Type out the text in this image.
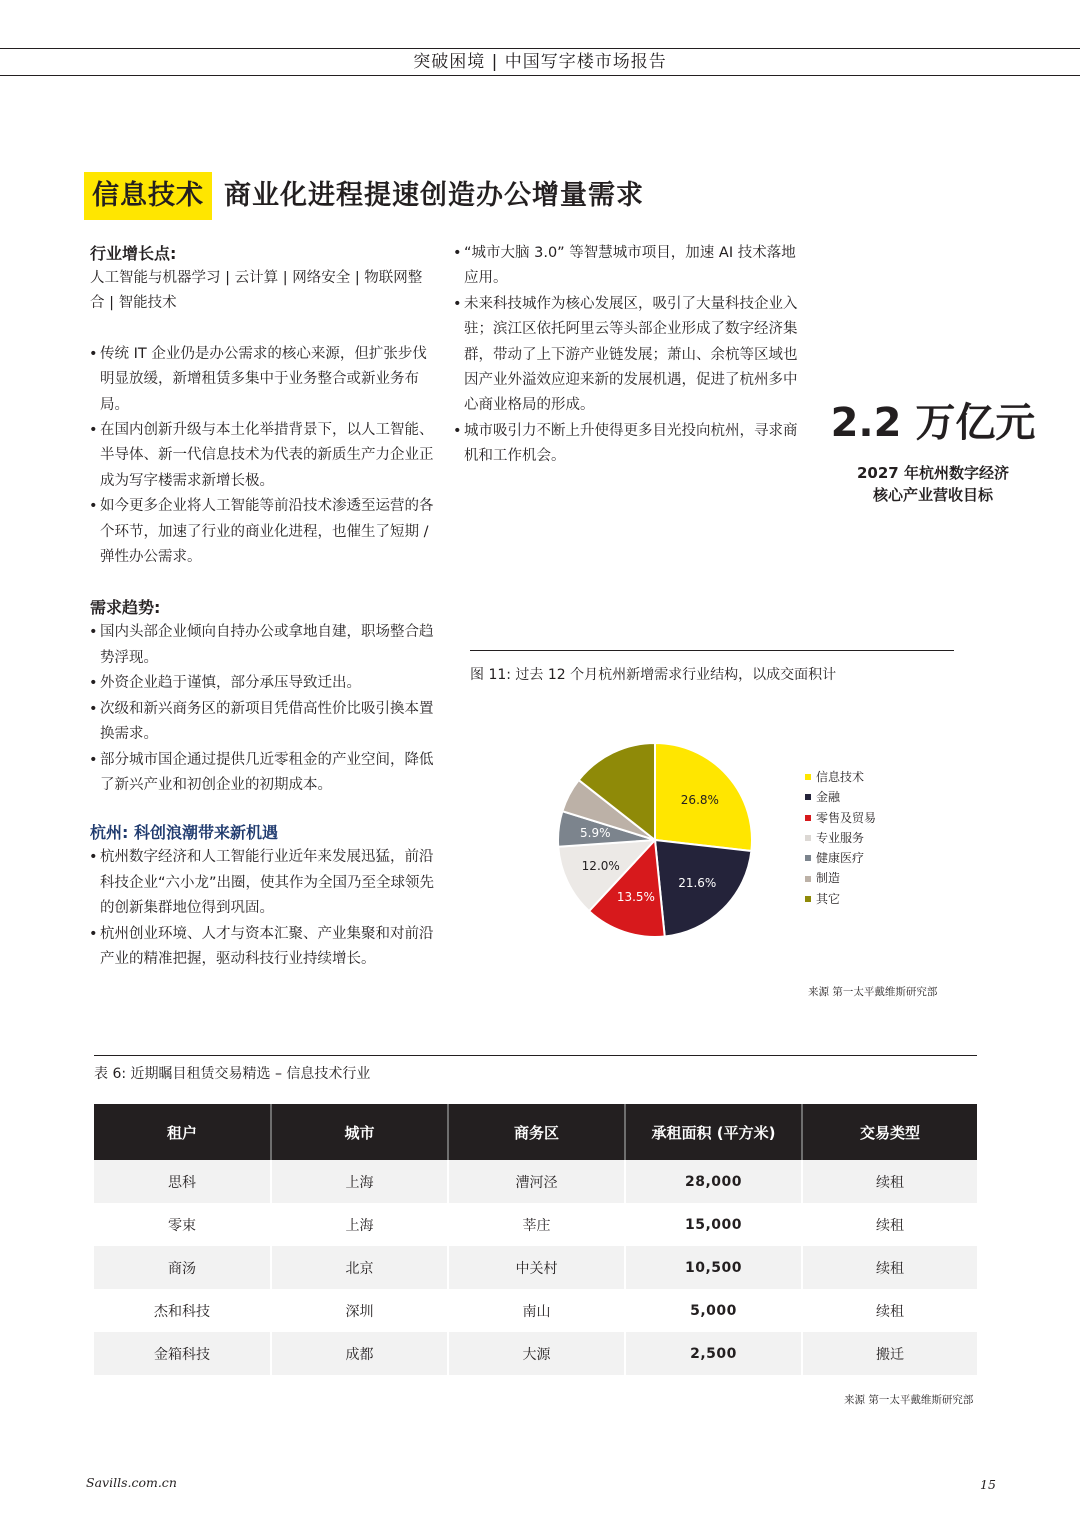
突破困境 | 中国写字楼市场报告
信息技术 商业化进程提速创造办公增量需求
行业增长点:
人工智能与机器学习 | 云计算 | 网络安全 | 物联网整合 | 智能技术
• 传统 IT 企业仍是办公需求的核心来源，但扩张步伐明显放缓，新增租赁多集中于业务整合或新业务布局。
• 在国内创新升级与本土化举措背景下，以人工智能、半导体、新一代信息技术为代表的新质生产力企业正成为写字楼需求新增长极。
• 如今更多企业将人工智能等前沿技术渗透至运营的各个环节，加速了行业的商业化进程，也催生了短期 / 弹性办公需求。
需求趋势:
• 国内头部企业倾向自持办公或拿地自建，职场整合趋势浮现。
• 外资企业趋于谨慎，部分承压导致迁出。
• 次级和新兴商务区的新项目凭借高性价比吸引換本置换需求。
• 部分城市国企通过提供几近零租金的产业空间，降低了新兴产业和初创企业的初期成本。
杭州: 科创浪潮带来新机遇
• 杭州数字经济和人工智能行业近年来发展迅猛，前沿科技企业“六小龙”出圈，使其作为全国乃至全球领先的创新集群地位得到巩固。
• 杭州创业环境、人才与资本汇聚、产业集聚和对前沿产业的精准把握，驱动科技行业持续增长。
• “城市大脑 3.0” 等智慧城市项目，加速 AI 技术落地应用。
• 未来科技城作为核心发展区，吸引了大量科技企业入驻；滨江区依托阿里云等头部企业形成了数字经济集群，带动了上下游产业链发展；萧山、余杭等区域也因产业外溢效应迎来新的发展机遇，促进了杭州多中心商业格局的形成。
• 城市吸引力不断上升使得更多目光投向杭州，寻求商机和工作机会。
2.2 万亿元
2027 年杭州数字经济
核心产业营收目标
图 11: 过去 12 个月杭州新增需求行业结构，以成交面积计
26.8%
21.6%
13.5%
12.0%
5.9%
信息技术
金融
零售及贸易
专业服务
健康医疗
制造
其它
来源 第一太平戴维斯研究部
表 6: 近期瞩目租赁交易精选 – 信息技术行业
租户	城市	商务区	承租面积 (平方米)	交易类型
思科	上海	漕河泾	28,000	续租
零束	上海	莘庄	15,000	续租
商汤	北京	中关村	10,500	续租
杰和科技	深圳	南山	5,000	续租
金箱科技	成都	大源	2,500	搬迁
来源 第一太平戴维斯研究部
Savills.com.cn	15
